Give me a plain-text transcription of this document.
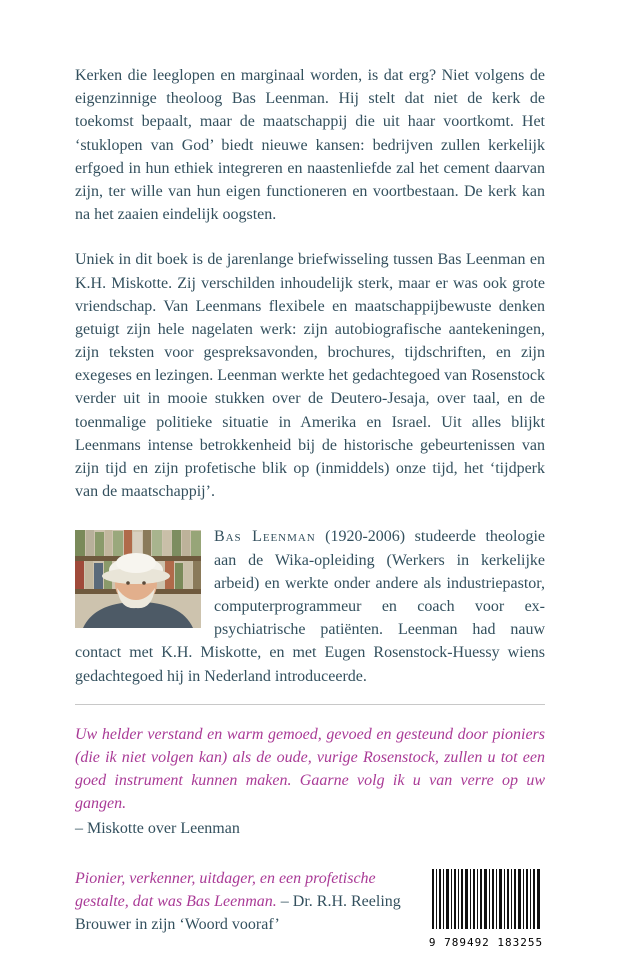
Kerken die leeglopen en marginaal worden, is dat erg? Niet volgens de eigenzinnige theoloog Bas Leenman. Hij stelt dat niet de kerk de toekomst bepaalt, maar de maatschappij die uit haar voortkomt. Het ‘stuklopen van God’ biedt nieuwe kansen: bedrijven zullen kerkelijk erfgoed in hun ethiek integreren en naastenliefde zal het cement daarvan zijn, ter wille van hun eigen functioneren en voortbestaan. De kerk kan na het zaaien eindelijk oogsten.

Uniek in dit boek is de jarenlange briefwisseling tussen Bas Leenman en K.H. Miskotte. Zij verschilden inhoudelijk sterk, maar er was ook grote vriendschap. Van Leenmans flexibele en maatschappijbewuste denken getuigt zijn hele nagelaten werk: zijn autobiografische aantekeningen, zijn teksten voor gespreksavonden, brochures, tijdschriften, en zijn exegeses en lezingen. Leenman werkte het gedachtegoed van Rosenstock verder uit in mooie stukken over de Deutero-Jesaja, over taal, en de toenmalige politieke situatie in Amerika en Israel. Uit alles blijkt Leenmans intense betrokkenheid bij de historische gebeurtenissen van zijn tijd en zijn profetische blik op (inmiddels) onze tijd, het ‘tijdperk van de maatschappij’.

Bas Leenman (1920-2006) studeerde theologie aan de Wika-opleiding (Werkers in kerkelijke arbeid) en werkte onder andere als industriepastor, computerprogrammeur en coach voor ex-psychiatrische patiënten. Leenman had nauw contact met K.H. Miskotte, en met Eugen Rosenstock-Huessy wiens gedachtegoed hij in Nederland introduceerde.

Uw helder verstand en warm gemoed, gevoed en gesteund door pioniers (die ik niet volgen kan) als de oude, vurige Rosenstock, zullen u tot een goed instrument kunnen maken. Gaarne volg ik u van verre op uw gangen.

– Miskotte over Leenman

Pionier, verkenner, uitdager, en een profetische gestalte, dat was Bas Leenman. – Dr. R.H. Reeling Brouwer in zijn ‘Woord vooraf’

9 789492 183255
